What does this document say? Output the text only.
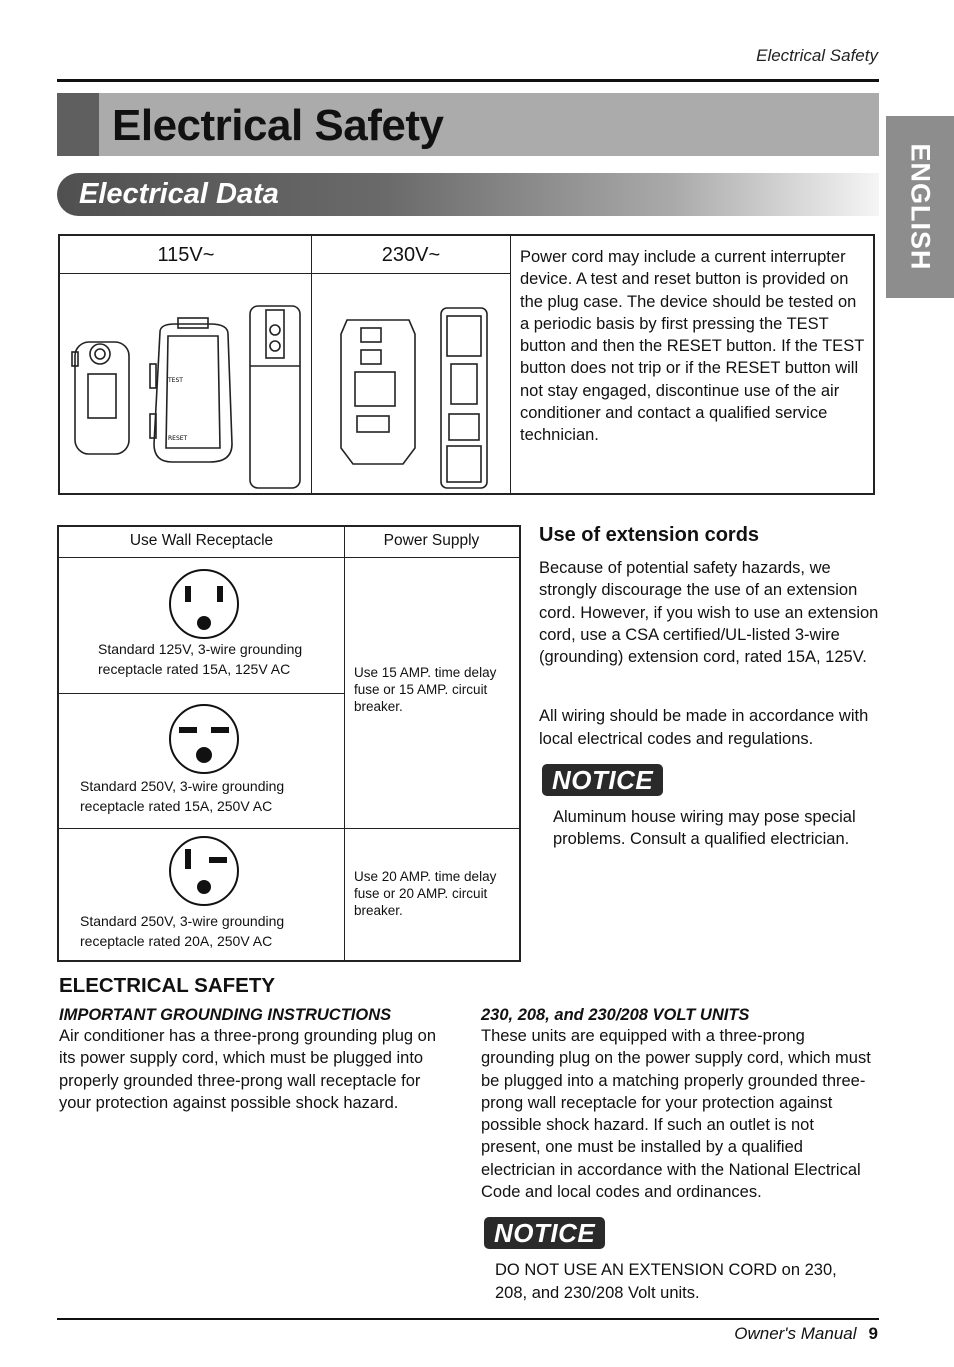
Electrical Safety
Electrical Safety
ENGLISH
Electrical Data
115V~	230V~
TEST
RESET
Power cord may include a current interrupter device. A test and reset button is provided on the plug case. The device should be tested on a periodic basis by first pressing the TEST button and then the RESET button. If the TEST button does not trip or if the RESET button will not stay engaged, discontinue use of the air conditioner and contact a qualified service technician.
Use Wall Receptacle	Power Supply
Standard 125V, 3-wire grounding receptacle rated 15A, 125V AC
Standard 250V, 3-wire grounding receptacle rated 15A, 250V AC
Standard 250V, 3-wire grounding receptacle rated 20A, 250V AC
Use 15 AMP. time delay fuse or 15 AMP. circuit breaker.
Use 20 AMP. time delay fuse or 20 AMP. circuit breaker.
Use of extension cords
Because of potential safety hazards, we strongly discourage the use of an extension cord. However, if you wish to use an extension cord, use a CSA certified/UL-listed 3-wire (grounding) extension cord, rated 15A, 125V.
All wiring should be made in accordance with local electrical codes and regulations.
NOTICE
Aluminum house wiring may pose special problems. Consult a qualified electrician.
ELECTRICAL SAFETY
IMPORTANT GROUNDING INSTRUCTIONS
Air conditioner has a three-prong grounding plug on its power supply cord, which must be plugged into properly grounded three-prong wall receptacle for your protection against possible shock hazard.
230, 208, and 230/208 VOLT UNITS
These units are equipped with a three-prong grounding plug on the power supply cord, which must be plugged into a matching properly grounded three-prong wall receptacle for your protection against possible shock hazard. If such an outlet is not present, one must be installed by a qualified electrician in accordance with the National Electrical Code and local codes and ordinances.
NOTICE
DO NOT USE AN EXTENSION CORD on 230, 208, and 230/208 Volt units.
Owner's Manual 9
